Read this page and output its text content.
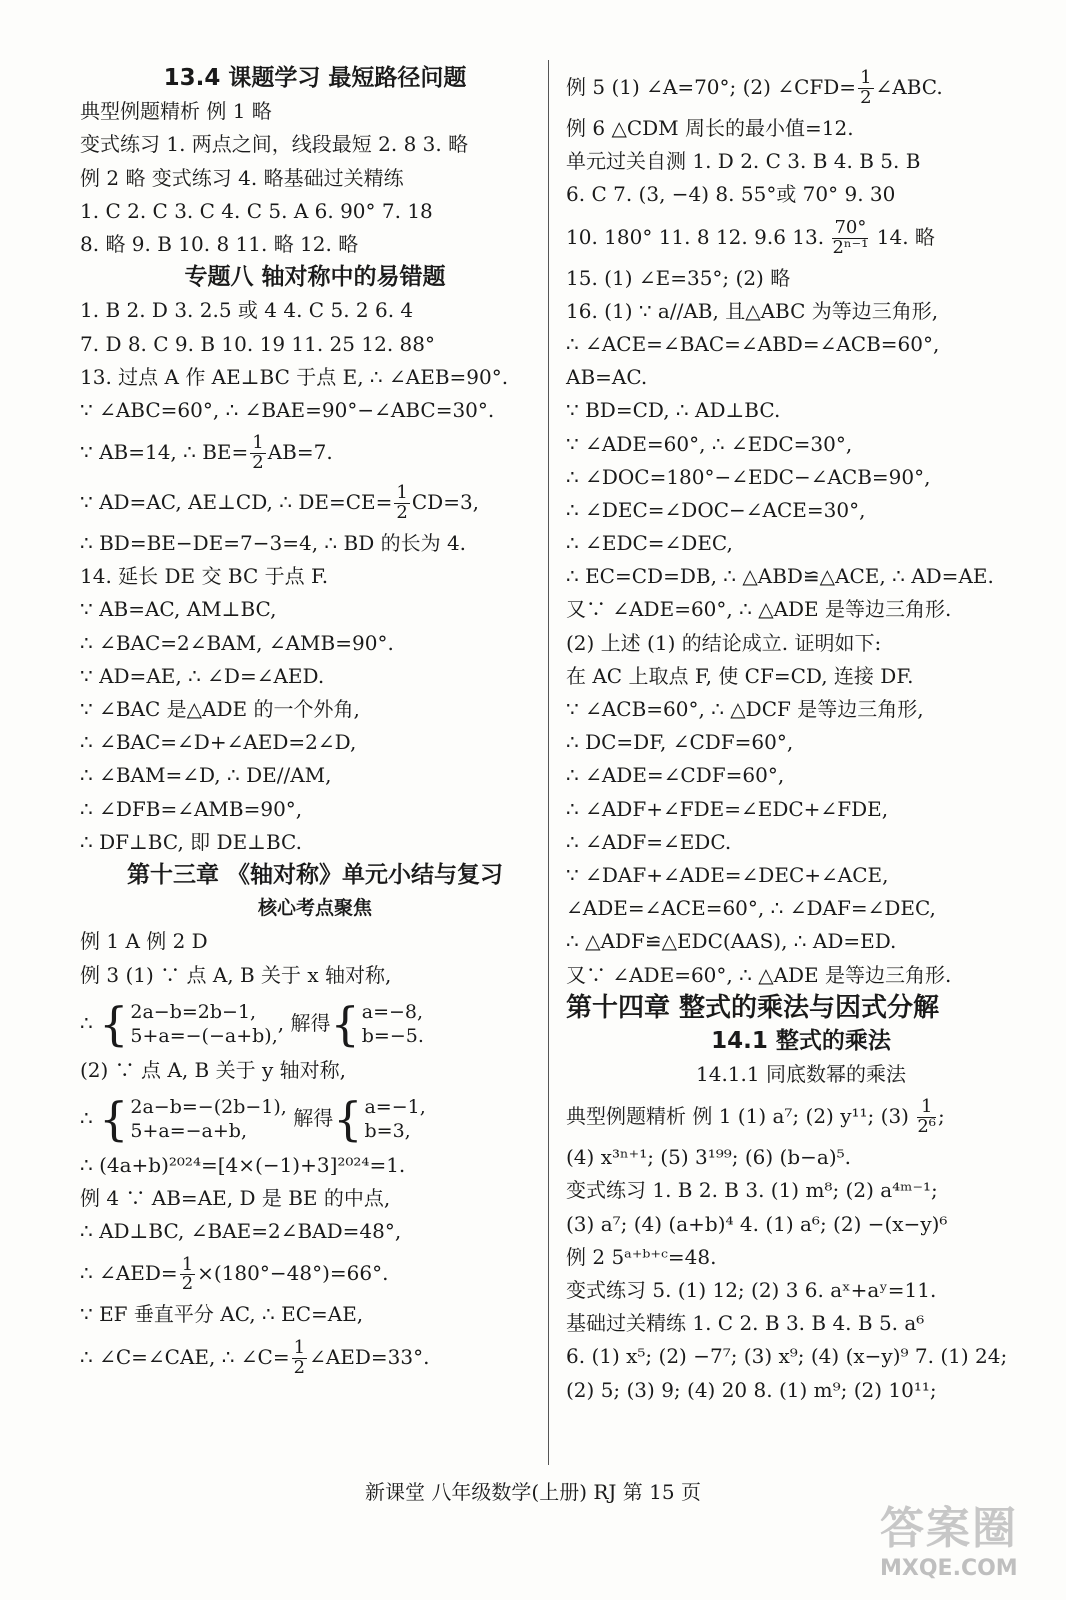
13.4 课题学习 最短路径问题
典型例题精析 例 1 略
变式练习 1. 两点之间，线段最短 2. 8 3. 略
例 2 略 变式练习 4. 略基础过关精练
1. C 2. C 3. C 4. C 5. A 6. 90° 7. 18
8. 略 9. B 10. 8 11. 略 12. 略
专题八 轴对称中的易错题
1. B 2. D 3. 2.5 或 4 4. C 5. 2 6. 4
7. D 8. C 9. B 10. 19 11. 25 12. 88°
13. 过点 A 作 AE⊥BC 于点 E, ∴ ∠AEB=90°.
∵ ∠ABC=60°, ∴ ∠BAE=90°−∠ABC=30°.
∵ AB=14, ∴ $BE= \frac{1}{2} AB=7$.
∵ AD=AC, AE⊥CD, ∴ $DE=CE= \frac{1}{2} CD=3$,
∴ BD=BE−DE=7−3=4, ∴ BD 的长为 4.
14. 延长 DE 交 BC 于点 F.
∵ AB=AC, AM⊥BC,
∴ ∠BAC=2∠BAM, ∠AMB=90°.
∵ AD=AE, ∴ ∠D=∠AED.
∵ ∠BAC 是△ADE 的一个外角,
∴ ∠BAC=∠D+∠AED=2∠D,
∴ ∠BAM=∠D, ∴ DE//AM,
∴ ∠DFB=∠AMB=90°,
∴ DF⊥BC, 即 DE⊥BC.
第十三章 《轴对称》单元小结与复习
核心考点聚焦
例 1 A 例 2 D
例 3 (1) ∵ 点 A, B 关于 x 轴对称,
∴ { 2a−b=2b−1,
5+a=−(−a+b),
, 解得 { a=−8,
b=−5.
(2) ∵ 点 A, B 关于 y 轴对称,
∴ { 2a−b=−(2b−1),
5+a=−a+b,
解得 { a=−1,
b=3,
∴ (4a+b)²⁰²⁴=[4×(−1)+3]²⁰²⁴=1.
例 4 ∵ AB=AE, D 是 BE 的中点,
∴ AD⊥BC, ∠BAE=2∠BAD=48°,
∴ ∠AED= $\frac{1}{2} \times(180^\circ-48^\circ)=66^\circ$.
∵ EF 垂直平分 AC, ∴ EC=AE,
∴ ∠C=∠CAE, ∴ ∠C= $\frac{1}{2}$ ∠AED=33°.
例 5 (1) ∠A=70°; (2) ∠CFD= $\frac{1}{2}$ ∠ABC.
例 6 △CDM 周长的最小值=12.
单元过关自测 1. D 2. C 3. B 4. B 5. B
6. C 7. (3, −4) 8. 55°或 70° 9. 30
10. 180° 11. 8 12. 9.6 13. $\frac{70^\circ}{\text{2ⁿ⁻¹}} 14$. 略
15. (1) ∠E=35°; (2) 略
16. (1) ∵ a//AB, 且△ABC 为等边三角形,
∴ ∠ACE=∠BAC=∠ABD=∠ACB=60°,
AB=AC.
∵ BD=CD, ∴ AD⊥BC.
∵ ∠ADE=60°, ∴ ∠EDC=30°,
∴ ∠DOC=180°−∠EDC−∠ACB=90°,
∴ ∠DEC=∠DOC−∠ACE=30°,
∴ ∠EDC=∠DEC,
∴ EC=CD=DB, ∴ △ABD≌△ACE, ∴ AD=AE.
又∵ ∠ADE=60°, ∴ △ADE 是等边三角形.
(2) 上述 (1) 的结论成立. 证明如下:
在 AC 上取点 F, 使 CF=CD, 连接 DF.
∵ ∠ACB=60°, ∴ △DCF 是等边三角形,
∴ DC=DF, ∠CDF=60°,
∴ ∠ADE=∠CDF=60°,
∴ ∠ADF+∠FDE=∠EDC+∠FDE,
∴ ∠ADF=∠EDC.
∵ ∠DAF+∠ADE=∠DEC+∠ACE,
∠ADE=∠ACE=60°, ∴ ∠DAF=∠DEC,
∴ △ADF≌△EDC(AAS), ∴ AD=ED.
又∵ ∠ADE=60°, ∴ △ADE 是等边三角形.
第十四章 整式的乘法与因式分解
14.1 整式的乘法
14.1.1 同底数幂的乘法
典型例题精析 例 1 (1) a⁷; (2) y¹¹; $(3) \frac{1}{\text{2⁶}}$ ;
(4) x³ⁿ⁺¹; (5) 3¹⁹⁹; (6) (b−a)⁵.
变式练习 1. B 2. B 3. (1) m⁸; (2) a⁴ᵐ⁻¹;
(3) a⁷; (4) (a+b)⁴ 4. (1) a⁶; (2) −(x−y)⁶
例 2 5ᵃ⁺ᵇ⁺ᶜ=48.
变式练习 5. (1) 12; (2) 3 6. aˣ+aʸ=11.
基础过关精练 1. C 2. B 3. B 4. B 5. a⁶
6. (1) x⁵; (2) −7⁷; (3) x⁹; (4) (x−y)⁹ 7. (1) 24;
(2) 5; (3) 9; (4) 20 8. (1) m⁹; (2) 10¹¹;
新课堂 八年级数学(上册) RJ 第 15 页
答案圈
MXQE.COM
